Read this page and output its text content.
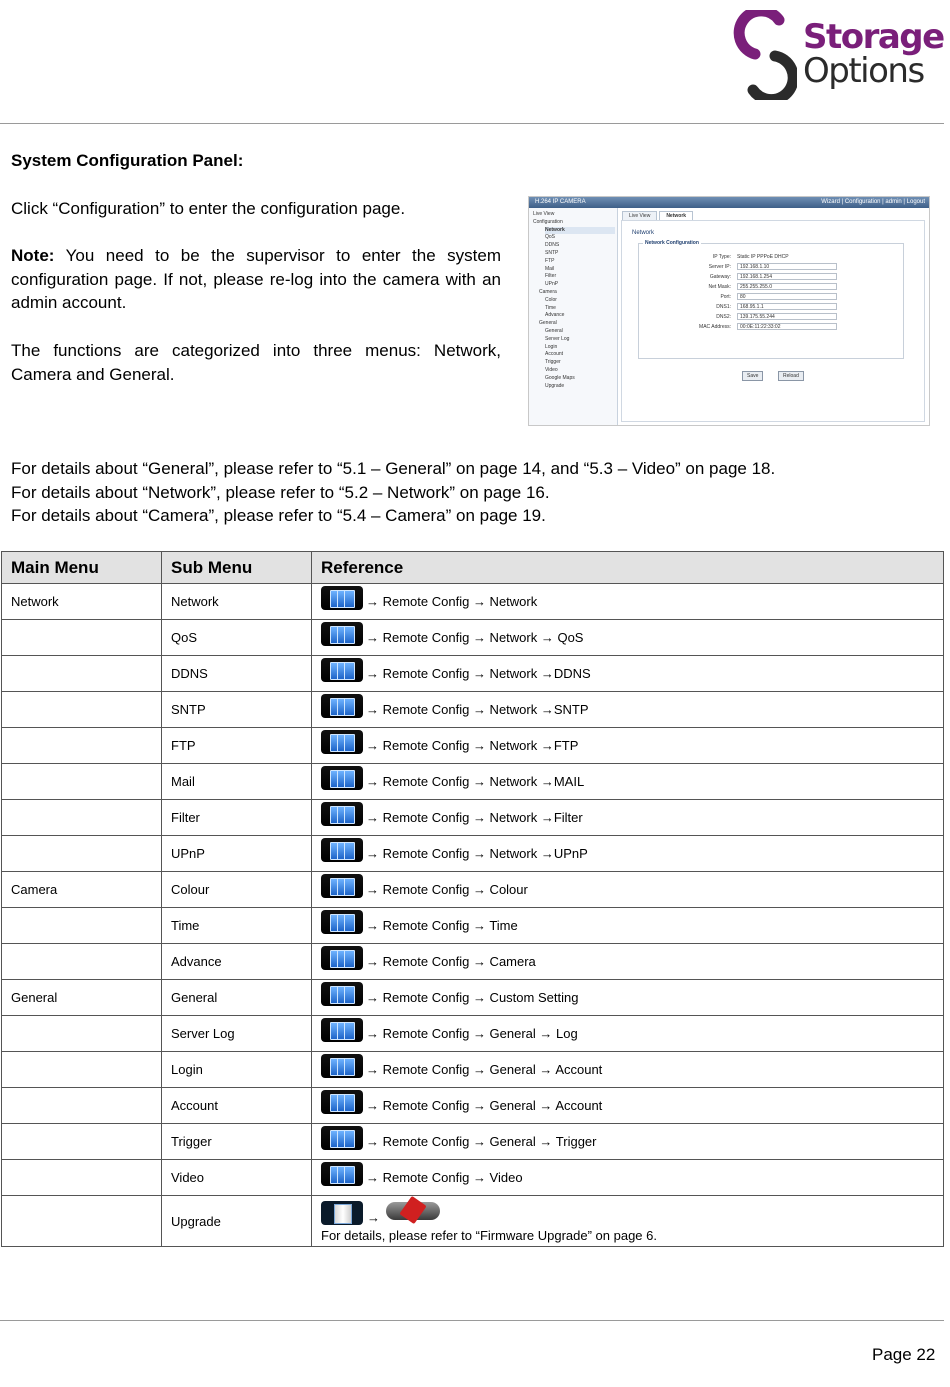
Storage
Options
System Configuration Panel:
Click “Configuration” to enter the configuration page.
Note: You need to be the supervisor to enter the system configuration page. If not, please re-log into the camera with an admin account.
The functions are categorized into three menus: Network, Camera and General.
H.264 IP CAMERA	Wizard | Configuration | admin | Logout
Live View
Configuration
Network
QoS
DDNS
SNTP
FTP
Mail
Filter
UPnP
Camera
Color
Time
Advance
General
General
Server Log
Login
Account
Trigger
Video
Google Maps
Upgrade
Live View	Network
Network
Network Configuration
IP Type: Static IP PPPoE DHCP
Server IP:	192.168.1.10
Gateway:	192.168.1.254
Net Mask:	255.255.255.0
Port:	80
DNS1:	168.95.1.1
DNS2:	139.175.55.244
MAC Address:	00:0E:11:22:33:02
Save	Reload
For details about “General”, please refer to “5.1 – General” on page 14, and “5.3 – Video” on page 18.
For details about “Network”, please refer to “5.2 – Network” on page 16.
For details about “Camera”, please refer to “5.4 – Camera” on page 19.
Main Menu	Sub Menu	Reference
Network	Network	→ Remote Config → Network

	QoS	→ Remote Config → Network → QoS

	DDNS	→ Remote Config → Network →DDNS

	SNTP	→ Remote Config → Network →SNTP

	FTP	→ Remote Config → Network →FTP

	Mail	→ Remote Config → Network →MAIL

	Filter	→ Remote Config → Network →Filter

	UPnP	→ Remote Config → Network →UPnP

Camera	Colour	→ Remote Config → Colour

	Time	→ Remote Config → Time

	Advance	→ Remote Config → Camera

General	General	→ Remote Config → Custom Setting

	Server Log	→ Remote Config → General → Log

	Login	→ Remote Config → General → Account

	Account	→ Remote Config → General → Account

	Trigger	→ Remote Config → General → Trigger

	Video	→ Remote Config → Video

	Upgrade	→
For details, please refer to “Firmware Upgrade” on page 6.
Page 22
